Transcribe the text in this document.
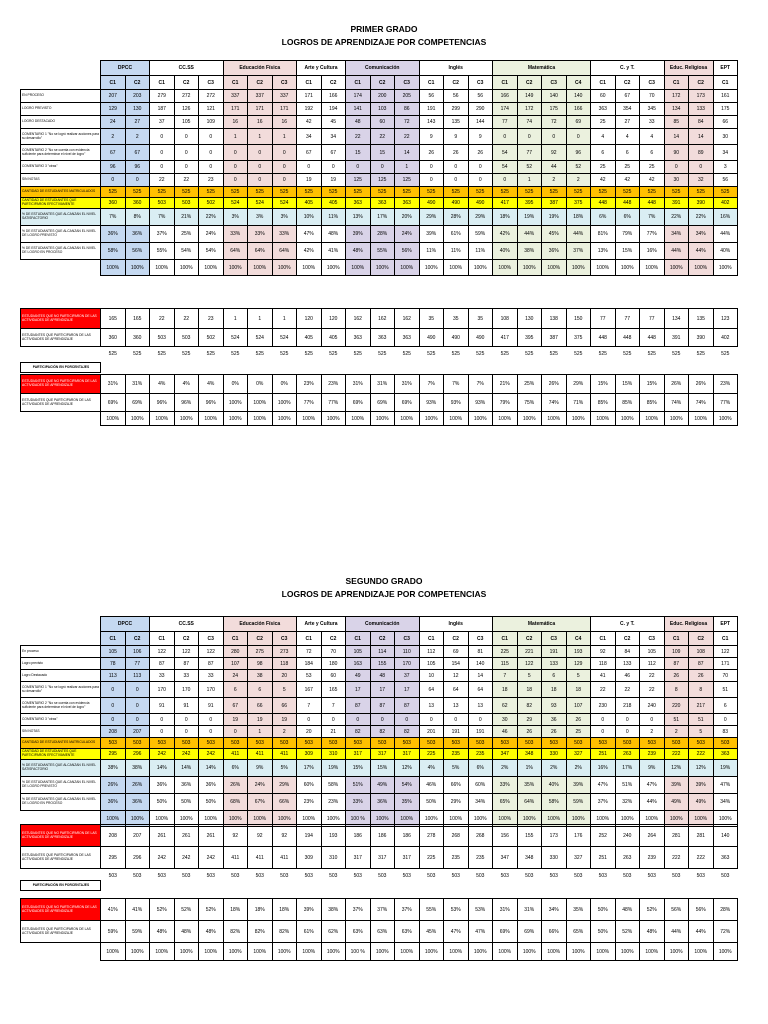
PRIMER GRADO
LOGROS DE APRENDIZAJE POR COMPETENCIAS
	DPCC		CC.SS			Educación Física			Arte y Cultura		Comunicación			Inglés			Matemática				C. y T.			Educ. Religiosa		EPT
	C1	C2	C1	C2	C3	C1	C2	C3	C1	C2	C1	C2	C3	C1	C2	C3	C1	C2	C3	C4	C1	C2	C3	C1	C2	C1
EN PROCESO	207	203	279	272	272	337	337	337	171	166	174	200	205	56	56	56	166	149	140	140	60	67	70	172	173	161
LOGRO PREVISTO	129	130	187	126	121	171	171	171	192	194	141	103	86	191	299	290	174	172	175	166	363	354	345	134	133	175
LOGRO DESTACADO	24	27	37	105	109	16	16	16	42	45	48	60	72	143	135	144	77	74	72	69	25	27	33	85	84	66
COMENTARIO 1 "No se logró realizar acciones para su desarrollo"	2	2	0	0	0	1	1	1	34	34	22	22	22	9	9	9	0	0	0	0	4	4	4	14	14	30
COMENTARIO 2 "No se cuenta con evidencia suficiente para determinar el nivel de logro"	67	67	0	0	0	0	0	0	67	67	15	15	14	26	26	26	54	77	92	96	6	6	6	90	89	34
COMENTARIO 3 "otras"	96	96	0	0	0	0	0	0	0	0	0	0	1	0	0	0	54	52	44	52	25	25	25	0	0	3
SIN NOTAS	0	0	22	22	23	0	0	0	19	19	125	125	125	0	0	0	0	1	2	2	42	42	42	30	32	56
CANTIDAD DE ESTUDIANTES MATRICULADOS	525	525	525	525	525	525	525	525	525	525	525	525	525	525	525	525	525	525	525	525	525	525	525	525	525	525
CANTIDAD DE ESTUDIANTES QUE PARTICIPARON EFECTIVAMENTE	360	360	503	503	502	524	524	524	405	405	363	363	363	490	490	490	417	395	387	375	448	448	448	391	390	402
% DE ESTUDIANTES QUE ALCANZAN EL NIVEL SATISFACTORIO	7%	8%	7%	21%	22%	3%	3%	3%	10%	11%	13%	17%	20%	29%	28%	29%	18%	19%	19%	18%	6%	6%	7%	22%	22%	16%
% DE ESTUDIANTES QUE ALCANZAN EL NIVEL DE LOGRO PREVISTO	36%	36%	37%	25%	24%	33%	33%	33%	47%	48%	39%	28%	24%	39%	61%	59%	42%	44%	45%	44%	81%	79%	77%	34%	34%	44%
% DE ESTUDIANTES QUE ALCANZAN EL NIVEL DE LOGRO EN PROCESO	58%	56%	55%	54%	54%	64%	64%	64%	42%	41%	48%	55%	56%	11%	11%	11%	40%	38%	36%	37%	13%	15%	16%	44%	44%	40%
	100%	100%	100%	100%	100%	100%	100%	100%	100%	100%	100%	100%	100%	100%	100%	100%	100%	100%	100%	100%	100%	100%	100%	100%	100%	100%
ESTUDIANTES QUE NO PARTICIPARON DE LAS ACTIVIDADES DE APRENDIZAJE	165	165	22	22	23	1	1	1	120	120	162	162	162	35	35	35	108	130	138	150	77	77	77	134	135	123
ESTUDIANTES QUE PARTICIPARON DE LAS ACTIVIDADES DE APRENDIZAJE	360	360	503	503	502	524	524	524	405	405	363	363	363	490	490	490	417	395	387	375	448	448	448	391	390	402
	525	525	525	525	525	525	525	525	525	525	525	525	525	525	525	525	525	525	525	525	525	525	525	525	525	525
PARTICIPACIÓN EN PORCENTAJES
ESTUDIANTES QUE NO PARTICIPARON DE LAS ACTIVIDADES DE APRENDIZAJE	31%	31%	4%	4%	4%	0%	0%	0%	23%	23%	31%	31%	31%	7%	7%	7%	21%	25%	26%	29%	15%	15%	15%	26%	26%	23%
ESTUDIANTES QUE PARTICIPARON DE LAS ACTIVIDADES DE APRENDIZAJE	69%	69%	96%	96%	96%	100%	100%	100%	77%	77%	69%	69%	69%	93%	93%	93%	79%	75%	74%	71%	85%	85%	85%	74%	74%	77%
	100%	100%	100%	100%	100%	100%	100%	100%	100%	100%	100%	100%	100%	100%	100%	100%	100%	100%	100%	100%	100%	100%	100%	100%	100%	100%
SEGUNDO GRADO
LOGROS DE APRENDIZAJE POR COMPETENCIAS
	DPCC		CC.SS			Educación Física			Arte y Cultura		Comunicación			Inglés			Matemática				C. y T.			Educ. Religiosa		EPT
	C1	C2	C1	C2	C3	C1	C2	C3	C1	C2	C1	C2	C3	C1	C2	C3	C1	C2	C3	C4	C1	C2	C3	C1	C2	C1
En proceso	105	106	122	122	122	280	275	273	72	70	105	114	110	112	69	81	225	221	191	193	92	84	105	109	108	122
Logro previsto	78	77	87	87	87	107	98	118	184	180	163	155	170	105	154	140	115	122	133	129	118	133	112	87	87	171
Logro Destacado	113	113	33	33	33	24	38	20	53	60	49	48	37	10	12	14	7	5	6	5	41	46	22	26	26	70
COMENTARIO 1 "No se logró realizar acciones para su desarrollo"	0	0	170	170	170	6	6	5	167	165	17	17	17	64	64	64	18	18	18	18	22	22	22	8	8	51
COMENTARIO 2 "No se cuenta con evidencia suficiente para determinar el nivel de logro"	0	0	91	91	91	67	66	66	7	7	87	87	87	13	13	13	62	82	93	107	230	218	240	220	217	6
COMENTARIO 3 "otras"	0	0	0	0	0	19	19	19	0	0	0	0	0	0	0	0	30	29	36	26	0	0	0	51	51	0
SIN NOTAS	208	207	0	0	0	0	1	2	20	21	82	82	82	201	191	191	46	26	26	25	0	0	2	2	5	83
CANTIDAD DE ESTUDIANTES MATRICULADOS	503	503	503	503	503	503	503	503	503	503	503	503	503	503	503	503	503	503	503	503	503	503	503	503	503	503
CANTIDAD DE ESTUDIANTES QUE PARTICIPARON EFECTIVAMENTE	295	296	242	242	242	411	411	411	309	310	317	317	317	225	235	235	347	348	330	327	251	263	239	222	222	363
% DE ESTUDIANTES QUE ALCANZAN EL NIVEL SATISFACTORIO	38%	38%	14%	14%	14%	6%	9%	5%	17%	19%	15%	15%	12%	4%	5%	6%	2%	1%	2%	2%	16%	17%	9%	12%	12%	19%
% DE ESTUDIANTES QUE ALCANZAN EL NIVEL DE LOGRO PREVISTO	26%	26%	36%	36%	36%	26%	24%	29%	60%	58%	51%	49%	54%	46%	66%	60%	33%	35%	40%	39%	47%	51%	47%	39%	39%	47%
% DE ESTUDIANTES QUE ALCANZAN EL NIVEL DE LOGRO EN PROCESO	36%	36%	50%	50%	50%	68%	67%	66%	23%	23%	33%	36%	35%	50%	29%	34%	65%	64%	58%	59%	37%	32%	44%	49%	49%	34%
	100%	100%	100%	100%	100%	100%	100%	100%	100%	100%	100 %	100%	100%	100%	100%	100%	100%	100%	100%	100%	100%	100%	100%	100%	100%	100%
ESTUDIANTES QUE NO PARTICIPARON DE LAS ACTIVIDADES DE APRENDIZAJE	208	207	261	261	261	92	92	92	194	193	186	186	186	278	268	268	156	155	173	176	252	240	264	281	281	140
ESTUDIANTES QUE PARTICIPARON DE LAS ACTIVIDADES DE APRENDIZAJE	295	296	242	242	242	411	411	411	309	310	317	317	317	225	235	235	347	348	330	327	251	263	239	222	222	363
	503	503	503	503	503	503	503	503	503	503	503	503	503	503	503	503	503	503	503	503	503	503	503	503	503	503
ESTUDIANTES QUE NO PARTICIPARON DE LAS ACTIVIDADES DE APRENDIZAJE	41%	41%	52%	52%	52%	18%	18%	18%	39%	38%	37%	37%	37%	55%	53%	53%	31%	31%	34%	35%	50%	48%	52%	56%	56%	28%
ESTUDIANTES QUE PARTICIPARON DE LAS ACTIVIDADES DE APRENDIZAJE	59%	59%	48%	48%	48%	82%	82%	82%	61%	62%	63%	63%	63%	45%	47%	47%	69%	69%	66%	65%	50%	52%	48%	44%	44%	72%
	100%	100%	100%	100%	100%	100%	100%	100%	100%	100%	100 %	100%	100%	100%	100%	100%	100%	100%	100%	100%	100%	100%	100%	100%	100%	100%
PARTICIPACIÓN EN PORCENTAJES
